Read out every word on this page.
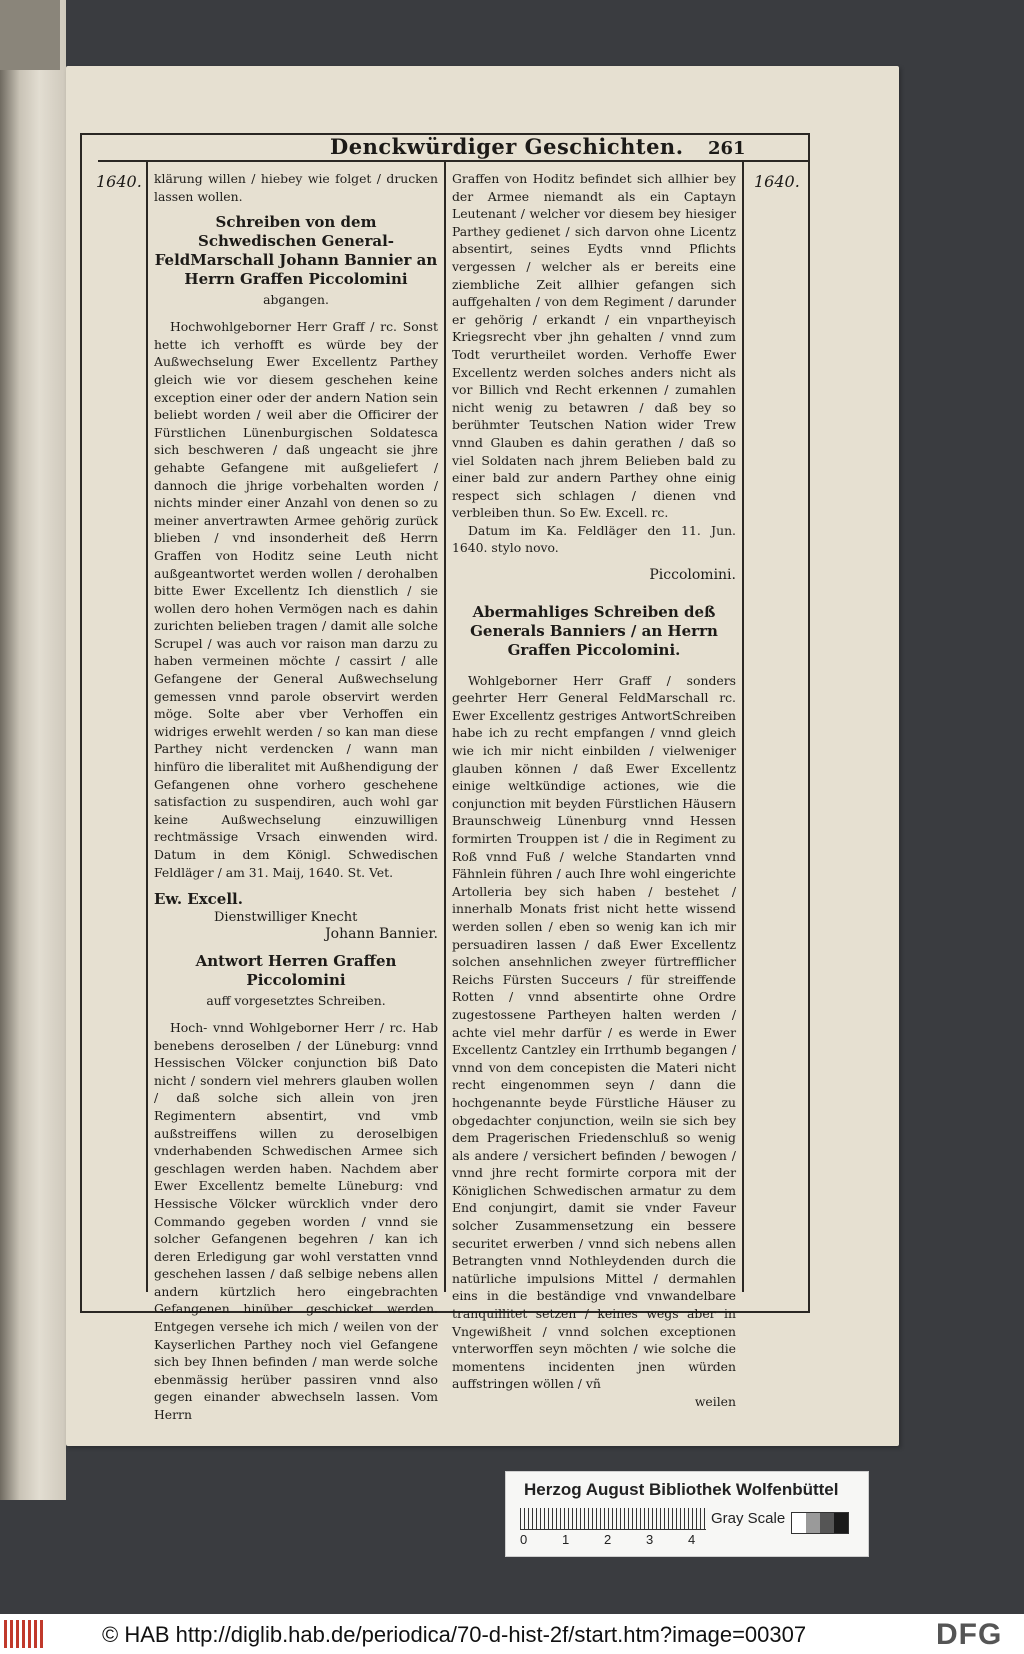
Denckwürdiger Geschichten. 261
1640.	1640.

klärung willen / hiebey wie folget / drucken lassen wollen.

Schreiben von dem Schwedischen General-FeldMarschall Johann Bannier an Herrn Graffen Piccolomini

abgangen.

Hochwohlgeborner Herr Graff / rc. Sonst hette ich verhofft es würde bey der Außwechselung Ewer Excellentz Parthey gleich wie vor diesem geschehen keine exception einer oder der andern Nation sein beliebt worden / weil aber die Officirer der Fürstlichen Lünenburgischen Soldatesca sich beschweren / daß ungeacht sie jhre gehabte Gefangene mit außgeliefert / dannoch die jhrige vorbehalten worden / nichts minder einer Anzahl von denen so zu meiner anvertrawten Armee gehörig zurück blieben / vnd insonderheit deß Herrn Graffen von Hoditz seine Leuth nicht außgeantwortet werden wollen / derohalben bitte Ewer Excellentz Ich dienstlich / sie wollen dero hohen Vermögen nach es dahin zurichten belieben tragen / damit alle solche Scrupel / was auch vor raison man darzu zu haben vermeinen möchte / cassirt / alle Gefangene der General Außwechselung gemessen vnnd parole observirt werden möge. Solte aber vber Verhoffen ein widriges erwehlt werden / so kan man diese Parthey nicht verdencken / wann man hinfüro die liberalitet mit Außhendigung der Gefangenen ohne vorhero geschehene satisfaction zu suspendiren, auch wohl gar keine Außwechselung einzuwilligen rechtmässige Vrsach einwenden wird. Datum in dem Königl. Schwedischen Feldläger / am 31. Maij, 1640. St. Vet.

Ew. Excell.

Dienstwilliger Knecht

Johann Bannier.

Antwort Herren Graffen Piccolomini

auff vorgesetztes Schreiben.

Hoch- vnnd Wohlgeborner Herr / rc. Hab benebens deroselben / der Lüneburg: vnnd Hessischen Völcker conjunction biß Dato nicht / sondern viel mehrers glauben wollen / daß solche sich allein von jren Regimentern absentirt, vnd vmb außstreiffens willen zu deroselbigen vnderhabenden Schwedischen Armee sich geschlagen werden haben. Nachdem aber Ewer Excellentz bemelte Lüneburg: vnd Hessische Völcker würcklich vnder dero Commando gegeben worden / vnnd sie solcher Gefangenen begehren / kan ich deren Erledigung gar wohl verstatten vnnd geschehen lassen / daß selbige nebens allen andern kürtzlich hero eingebrachten Gefangenen hinüber geschicket werden. Entgegen versehe ich mich / weilen von der Kayserlichen Parthey noch viel Gefangene sich bey Ihnen befinden / man werde solche ebenmässig herüber passiren vnnd also gegen einander abwechseln lassen. Vom Herrn

Graffen von Hoditz befindet sich allhier bey der Armee niemandt als ein Captayn Leutenant / welcher vor diesem bey hiesiger Parthey gedienet / sich darvon ohne Licentz absentirt, seines Eydts vnnd Pflichts vergessen / welcher als er bereits eine ziembliche Zeit allhier gefangen sich auffgehalten / von dem Regiment / darunder er gehörig / erkandt / ein vnpartheyisch Kriegsrecht vber jhn gehalten / vnnd zum Todt verurtheilet worden. Verhoffe Ewer Excellentz werden solches anders nicht als vor Billich vnd Recht erkennen / zumahlen nicht wenig zu betawren / daß bey so berühmter Teutschen Nation wider Trew vnnd Glauben es dahin gerathen / daß so viel Soldaten nach jhrem Belieben bald zu einer bald zur andern Parthey ohne einig respect sich schlagen / dienen vnd verbleiben thun. So Ew. Excell. rc.

Datum im Ka. Feldläger den 11. Jun. 1640. stylo novo.

Piccolomini.

Abermahliges Schreiben deß Generals Banniers / an Herrn Graffen Piccolomini.

Wohlgeborner Herr Graff / sonders geehrter Herr General FeldMarschall rc. Ewer Excellentz gestriges AntwortSchreiben habe ich zu recht empfangen / vnnd gleich wie ich mir nicht einbilden / vielweniger glauben können / daß Ewer Excellentz einige weltkündige actiones, wie die conjunction mit beyden Fürstlichen Häusern Braunschweig Lünenburg vnnd Hessen formirten Trouppen ist / die in Regiment zu Roß vnnd Fuß / welche Standarten vnnd Fähnlein führen / auch Ihre wohl eingerichte Artolleria bey sich haben / bestehet / innerhalb Monats frist nicht hette wissend werden sollen / eben so wenig kan ich mir persuadiren lassen / daß Ewer Excellentz solchen ansehnlichen zweyer fürtrefflicher Reichs Fürsten Succeurs / für streiffende Rotten / vnnd absentirte ohne Ordre zugestossene Partheyen halten werden / achte viel mehr darfür / es werde in Ewer Excellentz Cantzley ein Irrthumb begangen / vnnd von dem concepisten die Materi nicht recht eingenommen seyn / dann die hochgenannte beyde Fürstliche Häuser zu obgedachter conjunction, weiln sie sich bey dem Pragerischen Friedenschluß so wenig als andere / versichert befinden / bewogen / vnnd jhre recht formirte corpora mit der Königlichen Schwedischen armatur zu dem End conjungirt, damit sie vnder Faveur solcher Zusammensetzung ein bessere securitet erwerben / vnnd sich nebens allen Betrangten vnnd Nothleydenden durch die natürliche impulsions Mittel / dermahlen eins in die beständige vnd vnwandelbare tranquillitet setzen / keines wegs aber in Vngewißheit / vnnd solchen exceptionen vnterworffen seyn möchten / wie solche die momentens incidenten jnen würden auffstringen wöllen / vñ

weilen

Herzog August Bibliothek Wolfenbüttel
0	1	2	3	4
Gray Scale
© HAB http://diglib.hab.de/periodica/70-d-hist-2f/start.htm?image=00307	DFG
